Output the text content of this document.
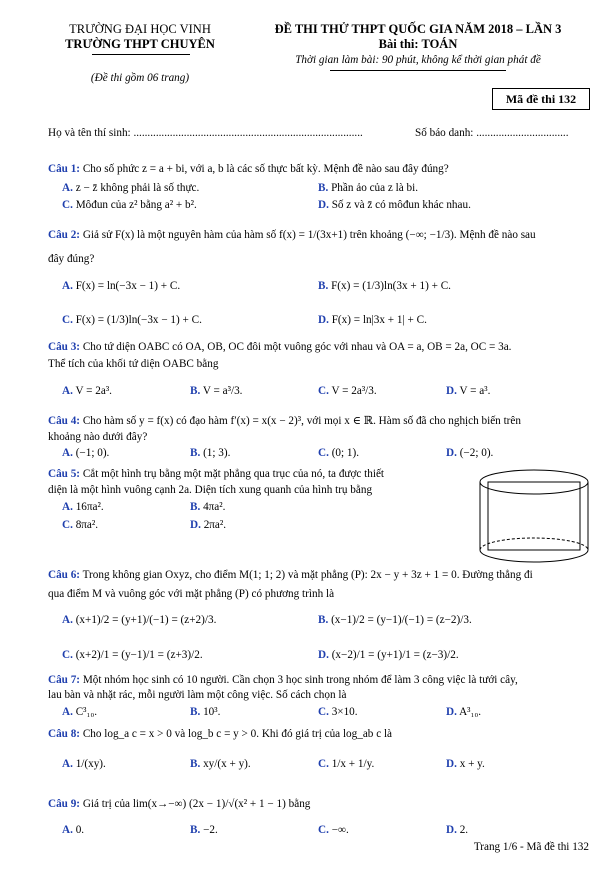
TRƯỜNG ĐẠI HỌC VINH
TRƯỜNG THPT CHUYÊN
(Đề thi gồm 06 trang)
ĐỀ THI THỬ THPT QUỐC GIA NĂM 2018 – LẦN 3
Bài thi: TOÁN
Thời gian làm bài: 90 phút, không kể thời gian phát đề
Mã đề thi 132
Họ và tên thí sinh: ..................................................................................	Số báo danh: .................................
Câu 1: Cho số phức z = a + bi, với a, b là các số thực bất kỳ. Mệnh đề nào sau đây đúng?
A. z − z̄ không phải là số thực.	B. Phần ảo của z là bi.
C. Môđun của z² bằng a² + b².	D. Số z và z̄ có môđun khác nhau.
Câu 2: Giả sử F(x) là một nguyên hàm của hàm số f(x) = 1/(3x+1) trên khoảng (−∞; −1/3). Mệnh đề nào sau
đây đúng?
A. F(x) = ln(−3x − 1) + C.	B. F(x) = (1/3)ln(3x + 1) + C.
C. F(x) = (1/3)ln(−3x − 1) + C.	D. F(x) = ln|3x + 1| + C.
Câu 3: Cho tứ diện OABC có OA, OB, OC đôi một vuông góc với nhau và OA = a, OB = 2a, OC = 3a.
Thể tích của khối tứ diện OABC bằng
A. V = 2a³.	B. V = a³/3.	C. V = 2a³/3.	D. V = a³.
Câu 4: Cho hàm số y = f(x) có đạo hàm f′(x) = x(x − 2)³, với mọi x ∈ ℝ. Hàm số đã cho nghịch biến trên
khoảng nào dưới đây?
A. (−1; 0).	B. (1; 3).	C. (0; 1).	D. (−2; 0).
Câu 5: Cắt một hình trụ bằng một mặt phẳng qua trục của nó, ta được thiết
diện là một hình vuông cạnh 2a. Diện tích xung quanh của hình trụ bằng
A. 16πa².	B. 4πa².
C. 8πa².	D. 2πa².
Câu 6: Trong không gian Oxyz, cho điểm M(1; 1; 2) và mặt phẳng (P): 2x − y + 3z + 1 = 0. Đường thẳng đi
qua điểm M và vuông góc với mặt phẳng (P) có phương trình là
A. (x+1)/2 = (y+1)/(−1) = (z+2)/3.	B. (x−1)/2 = (y−1)/(−1) = (z−2)/3.
C. (x+2)/1 = (y−1)/1 = (z+3)/2.	D. (x−2)/1 = (y+1)/1 = (z−3)/2.
Câu 7: Một nhóm học sinh có 10 người. Cần chọn 3 học sinh trong nhóm để làm 3 công việc là tưới cây,
lau bàn và nhặt rác, mỗi người làm một công việc. Số cách chọn là
A. C³₁₀.	B. 10³.	C. 3×10.	D. A³₁₀.
Câu 8: Cho log_a c = x > 0 và log_b c = y > 0. Khi đó giá trị của log_ab c là
A. 1/(xy).	B. xy/(x + y).	C. 1/x + 1/y.	D. x + y.
Câu 9: Giá trị của lim(x→−∞) (2x − 1)/√(x² + 1 − 1) bằng
A. 0.	B. −2.	C. −∞.	D. 2.
Trang 1/6 - Mã đề thi 132
